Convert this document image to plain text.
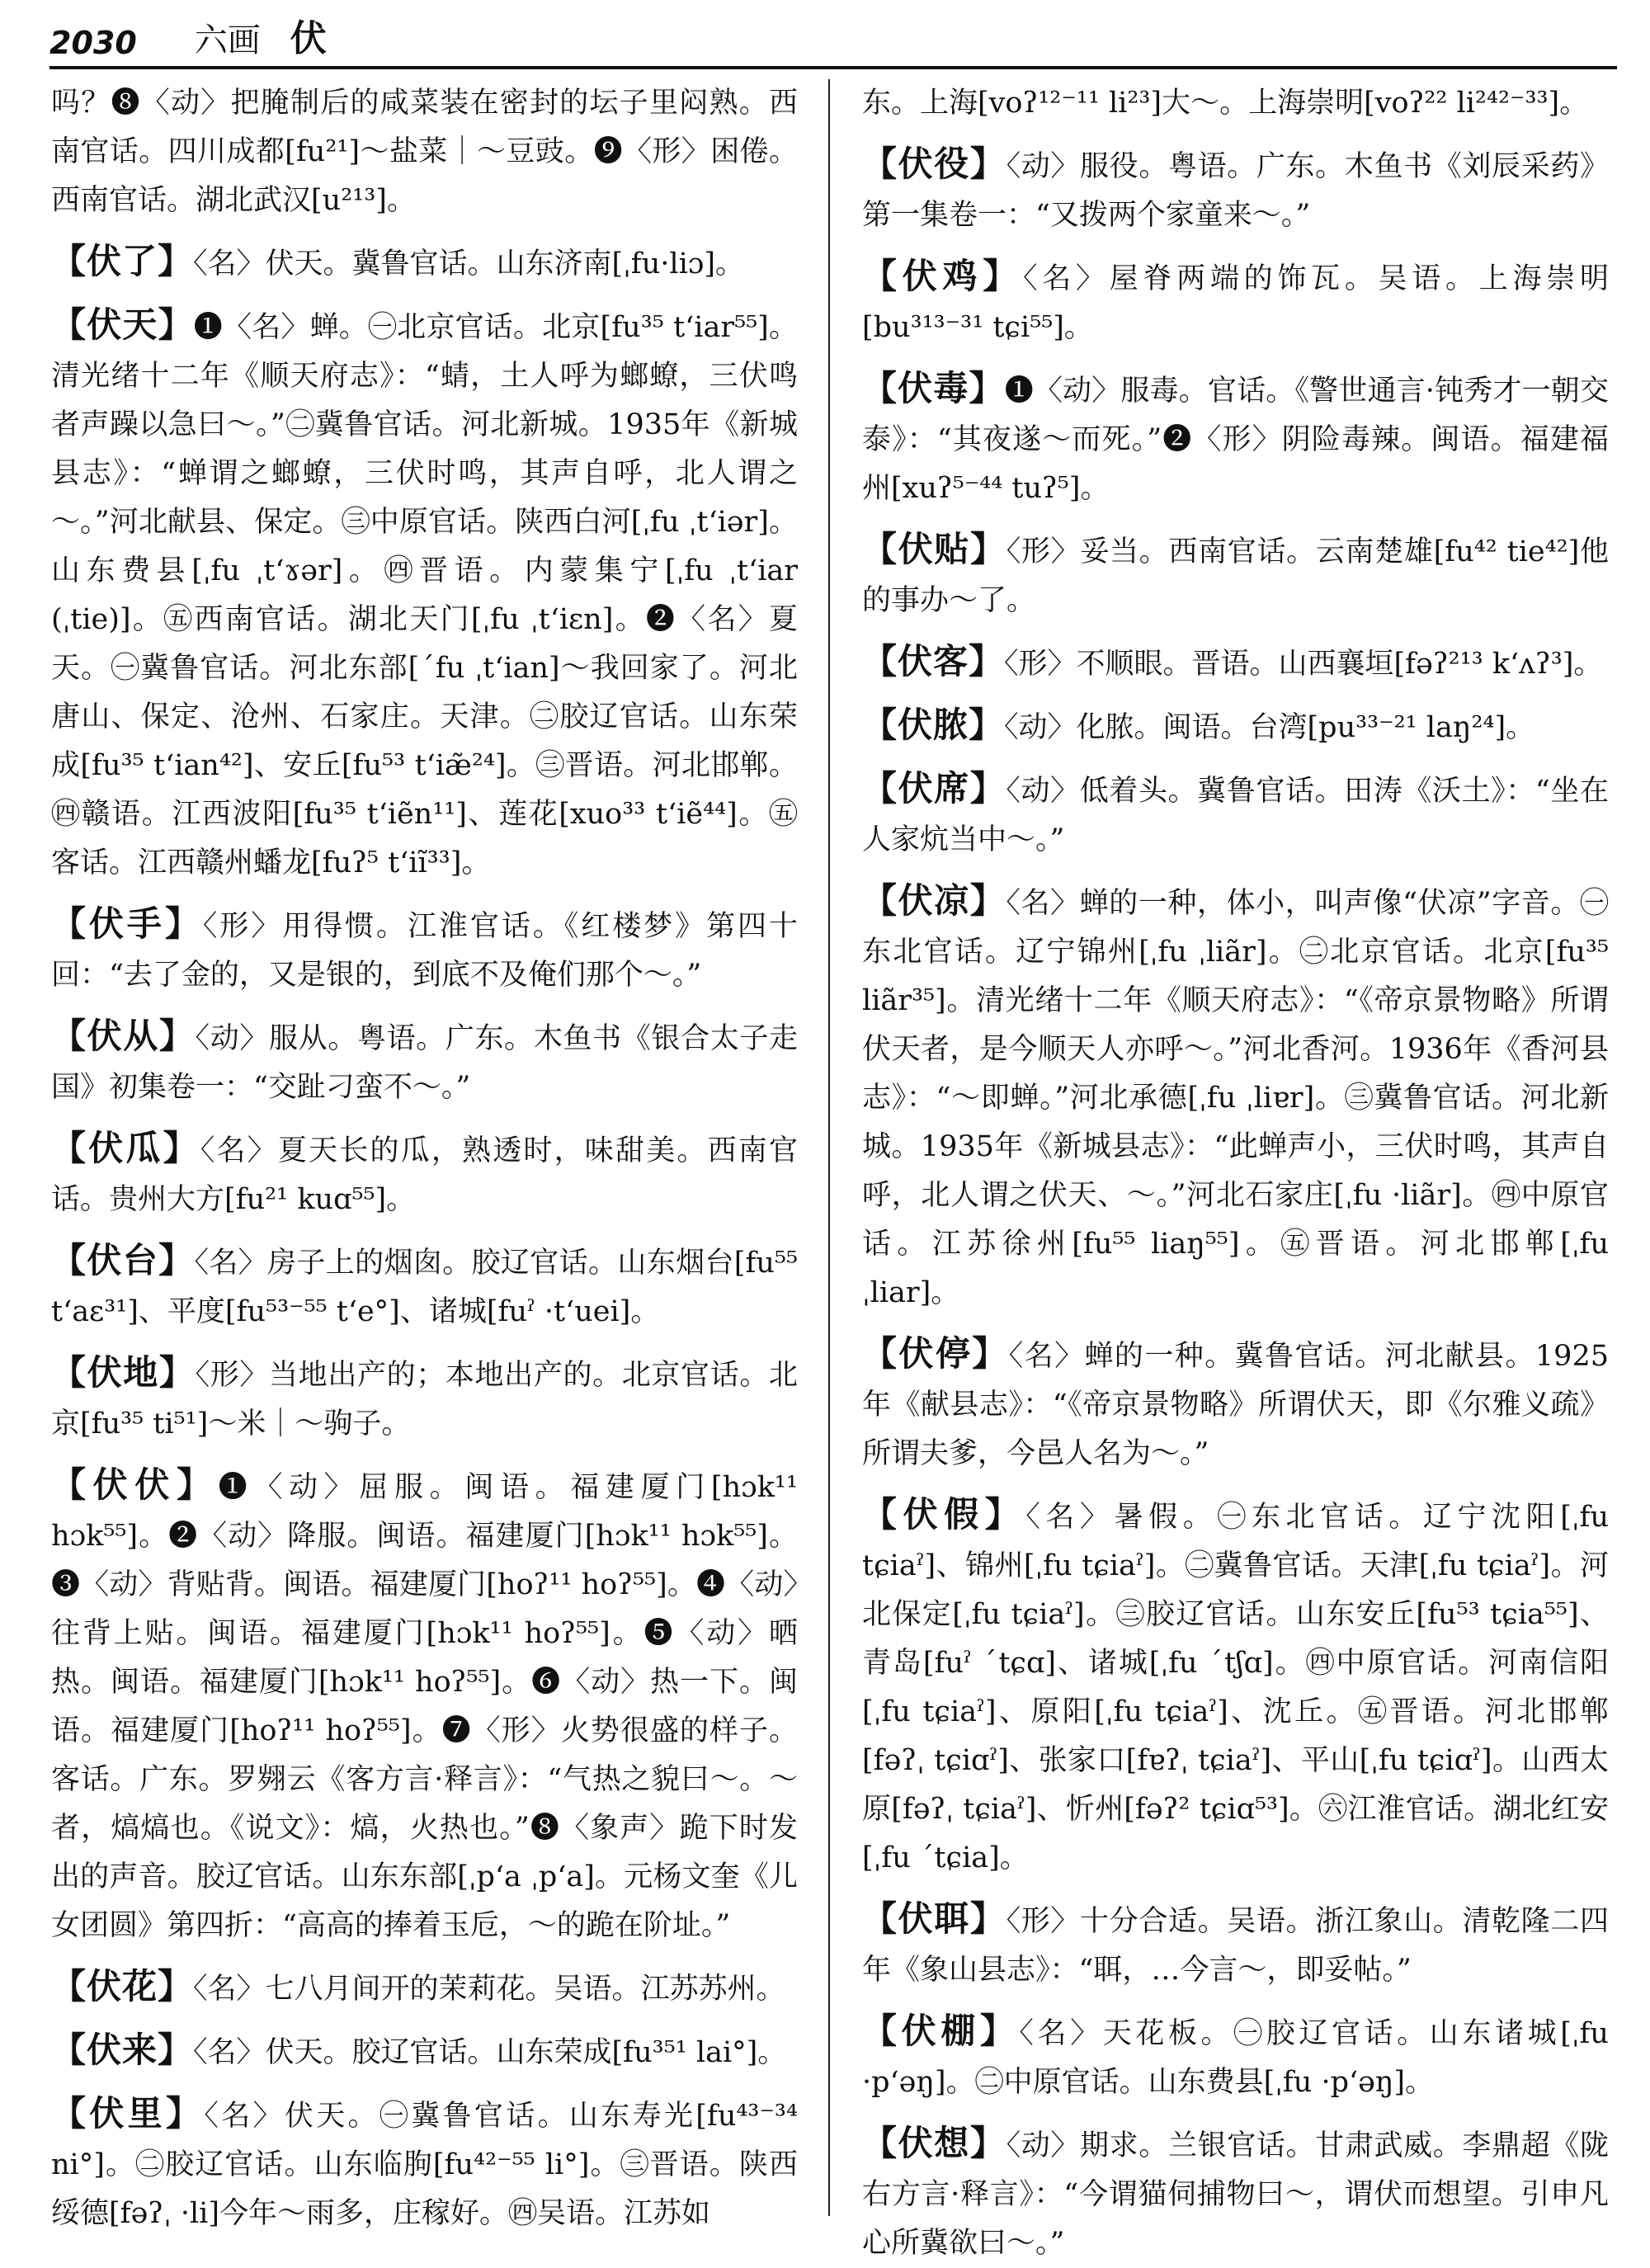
2030 六画 伏

吗？❽〈动〉把腌制后的咸菜装在密封的坛子里闷熟。西南官话。四川成都[fu²¹]～盐菜｜～豆豉。❾〈形〉困倦。西南官话。湖北武汉[u²¹³]。

【伏了】〈名〉伏天。冀鲁官话。山东济南[ˌfu·liɔ]。

【伏天】❶〈名〉蝉。㊀北京官话。北京[fu³⁵ tʻiar⁵⁵]。清光绪十二年《顺天府志》：“蜻，土人呼为螂蟟，三伏鸣者声躁以急曰～。”㊁冀鲁官话。河北新城。1935年《新城县志》：“蝉谓之螂蟟，三伏时鸣，其声自呼，北人谓之～。”河北献县、保定。㊂中原官话。陕西白河[ˌfu ˌtʻiər]。山东费县[ˌfu ˌtʻɤər]。㊃晋语。内蒙集宁[ˌfu ˌtʻiar (ˌtie)]。㊄西南官话。湖北天门[ˌfu ˌtʻiɛn]。❷〈名〉夏天。㊀冀鲁官话。河北东部[ˊfu ˌtʻian]～我回家了。河北唐山、保定、沧州、石家庄。天津。㊁胶辽官话。山东荣成[fu³⁵ tʻian⁴²]、安丘[fu⁵³ tʻiæ̃²⁴]。㊂晋语。河北邯郸。㊃赣语。江西波阳[fu³⁵ tʻiẽn¹¹]、莲花[xuo³³ tʻiẽ⁴⁴]。㊄客话。江西赣州蟠龙[fuʔ⁵ tʻiĩ³³]。

【伏手】〈形〉用得惯。江淮官话。《红楼梦》第四十回：“去了金的，又是银的，到底不及俺们那个～。”

【伏从】〈动〉服从。粤语。广东。木鱼书《银合太子走国》初集卷一：“交趾刁蛮不～。”

【伏瓜】〈名〉夏天长的瓜，熟透时，味甜美。西南官话。贵州大方[fu²¹ kuɑ⁵⁵]。

【伏台】〈名〉房子上的烟囱。胶辽官话。山东烟台[fu⁵⁵ tʻaɛ³¹]、平度[fu⁵³⁻⁵⁵ tʻe°]、诸城[fuˀ ·tʻuei]。

【伏地】〈形〉当地出产的；本地出产的。北京官话。北京[fu³⁵ ti⁵¹]～米｜～驹子。

【伏伏】❶〈动〉屈服。闽语。福建厦门[hɔk¹¹ hɔk⁵⁵]。❷〈动〉降服。闽语。福建厦门[hɔk¹¹ hɔk⁵⁵]。❸〈动〉背贴背。闽语。福建厦门[hoʔ¹¹ hoʔ⁵⁵]。❹〈动〉往背上贴。闽语。福建厦门[hɔk¹¹ hoʔ⁵⁵]。❺〈动〉晒热。闽语。福建厦门[hɔk¹¹ hoʔ⁵⁵]。❻〈动〉热一下。闽语。福建厦门[hoʔ¹¹ hoʔ⁵⁵]。❼〈形〉火势很盛的样子。客话。广东。罗翙云《客方言·释言》：“气热之貌曰～。～者，熇熇也。《说文》：熇，火热也。”❽〈象声〉跪下时发出的声音。胶辽官话。山东东部[ˌpʻa ˌpʻa]。元杨文奎《儿女团圆》第四折：“高高的捧着玉卮，～的跪在阶址。”

【伏花】〈名〉七八月间开的茉莉花。吴语。江苏苏州。

【伏来】〈名〉伏天。胶辽官话。山东荣成[fu³⁵¹ lai°]。

【伏里】〈名〉伏天。㊀冀鲁官话。山东寿光[fu⁴³⁻³⁴ ni°]。㊁胶辽官话。山东临朐[fu⁴²⁻⁵⁵ li°]。㊂晋语。陕西绥德[fəʔˌ ·li]今年～雨多，庄稼好。㊃吴语。江苏如

东。上海[voʔ¹²⁻¹¹ li²³]大～。上海崇明[voʔ²² li²⁴²⁻³³]。

【伏役】〈动〉服役。粤语。广东。木鱼书《刘辰采药》第一集卷一：“又拨两个家童来～。”

【伏鸡】〈名〉屋脊两端的饰瓦。吴语。上海崇明[bu³¹³⁻³¹ tɕi⁵⁵]。

【伏毒】❶〈动〉服毒。官话。《警世通言·钝秀才一朝交泰》：“其夜遂～而死。”❷〈形〉阴险毒辣。闽语。福建福州[xuʔ⁵⁻⁴⁴ tuʔ⁵]。

【伏贴】〈形〉妥当。西南官话。云南楚雄[fu⁴² tie⁴²]他的事办～了。

【伏客】〈形〉不顺眼。晋语。山西襄垣[fəʔ²¹³ kʻʌʔ³]。

【伏脓】〈动〉化脓。闽语。台湾[pu³³⁻²¹ laŋ²⁴]。

【伏席】〈动〉低着头。冀鲁官话。田涛《沃土》：“坐在人家炕当中～。”

【伏凉】〈名〉蝉的一种，体小，叫声像“伏凉”字音。㊀东北官话。辽宁锦州[ˌfu ˌliãr]。㊁北京官话。北京[fu³⁵ liãr³⁵]。清光绪十二年《顺天府志》：“《帝京景物略》所谓伏天者，是今顺天人亦呼～。”河北香河。1936年《香河县志》：“～即蝉。”河北承德[ˌfu ˌliɐr]。㊂冀鲁官话。河北新城。1935年《新城县志》：“此蝉声小，三伏时鸣，其声自呼，北人谓之伏天、～。”河北石家庄[ˌfu ·liãr]。㊃中原官话。江苏徐州[fu⁵⁵ liaŋ⁵⁵]。㊄晋语。河北邯郸[ˌfu ˌliar]。

【伏停】〈名〉蝉的一种。冀鲁官话。河北献县。1925年《献县志》：“《帝京景物略》所谓伏天，即《尔雅义疏》所谓夫爹，今邑人名为～。”

【伏假】〈名〉暑假。㊀东北官话。辽宁沈阳[ˌfu tɕiaˀ]、锦州[ˌfu tɕiaˀ]。㊁冀鲁官话。天津[ˌfu tɕiaˀ]。河北保定[ˌfu tɕiaˀ]。㊂胶辽官话。山东安丘[fu⁵³ tɕia⁵⁵]、青岛[fuˀ ˊtɕɑ]、诸城[ˌfu ˊtʃɑ]。㊃中原官话。河南信阳[ˌfu tɕiaˀ]、原阳[ˌfu tɕiaˀ]、沈丘。㊄晋语。河北邯郸[fəʔˌ tɕiɑˀ]、张家口[fɐʔˌ tɕiaˀ]、平山[ˌfu tɕiɑˀ]。山西太原[fəʔˌ tɕiaˀ]、忻州[fəʔ² tɕiɑ⁵³]。㊅江淮官话。湖北红安[ˌfu ˊtɕia]。

【伏聑】〈形〉十分合适。吴语。浙江象山。清乾隆二四年《象山县志》：“聑，…今言～，即妥帖。”

【伏棚】〈名〉天花板。㊀胶辽官话。山东诸城[ˌfu ·pʻəŋ]。㊁中原官话。山东费县[ˌfu ·pʻəŋ]。

【伏想】〈动〉期求。兰银官话。甘肃武威。李鼎超《陇右方言·释言》：“今谓猫伺捕物曰～，谓伏而想望。引申凡心所冀欲曰～。”
